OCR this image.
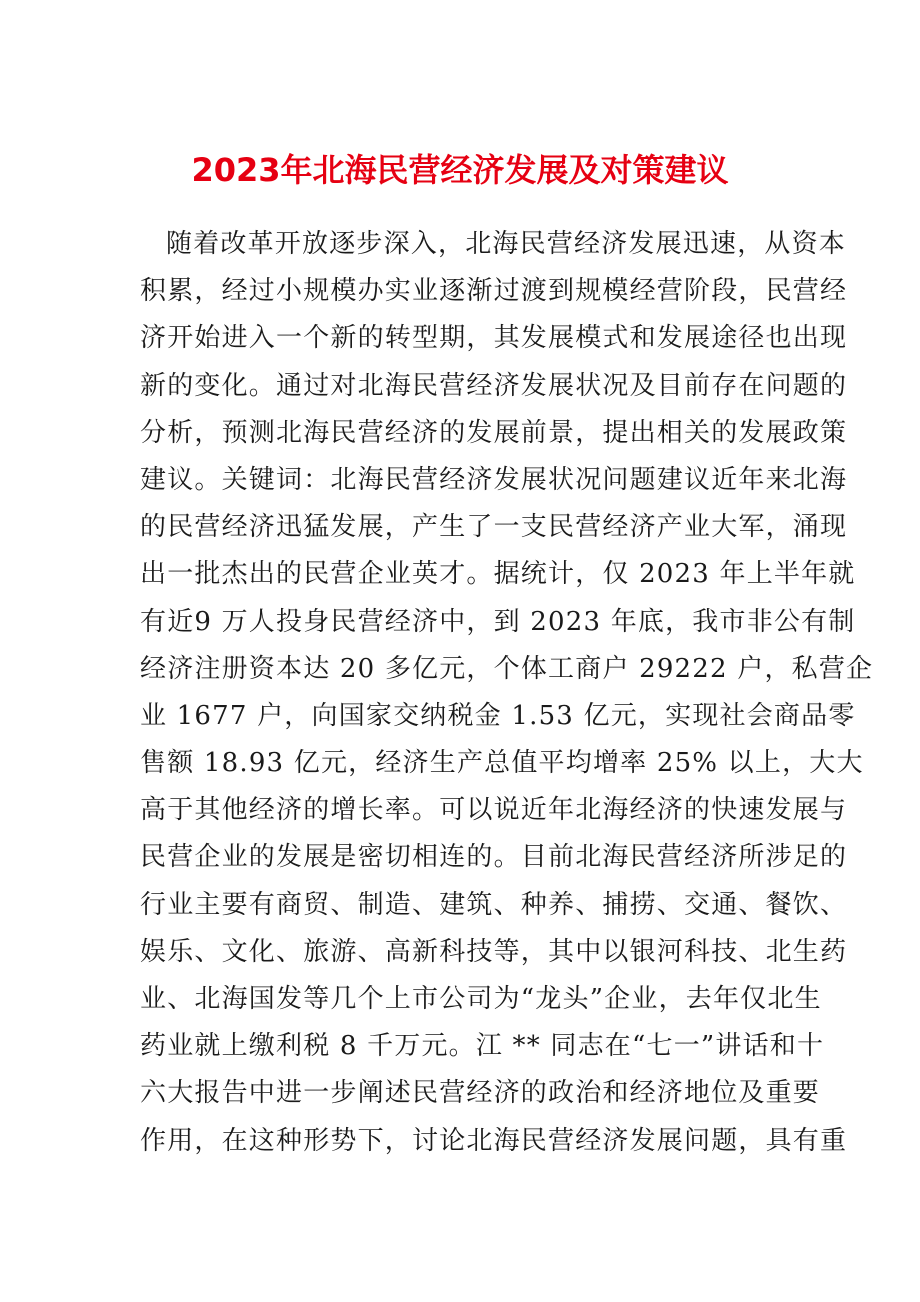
2023年北海民营经济发展及对策建议
随着改革开放逐步深入，北海民营经济发展迅速，从资本
积累，经过小规模办实业逐渐过渡到规模经营阶段，民营经
济开始进入一个新的转型期，其发展模式和发展途径也出现
新的变化。通过对北海民营经济发展状况及目前存在问题的
分析，预测北海民营经济的发展前景，提出相关的发展政策
建议。关键词：北海民营经济发展状况问题建议近年来北海
的民营经济迅猛发展，产生了一支民营经济产业大军，涌现
出一批杰出的民营企业英才。据统计，仅 2023 年上半年就
有近9 万人投身民营经济中，到 2023 年底，我市非公有制
经济注册资本达 20 多亿元，个体工商户 29222 户，私营企
业 1677 户，向国家交纳税金 1.53 亿元，实现社会商品零
售额 18.93 亿元，经济生产总值平均增率 25% 以上，大大
高于其他经济的增长率。可以说近年北海经济的快速发展与
民营企业的发展是密切相连的。目前北海民营经济所涉足的
行业主要有商贸、制造、建筑、种养、捕捞、交通、餐饮、
娱乐、文化、旅游、高新科技等，其中以银河科技、北生药
业、北海国发等几个上市公司为“龙头”企业，去年仅北生
药业就上缴利税 8 千万元。江 ** 同志在“七一”讲话和十
六大报告中进一步阐述民营经济的政治和经济地位及重要
作用，在这种形势下，讨论北海民营经济发展问题，具有重
